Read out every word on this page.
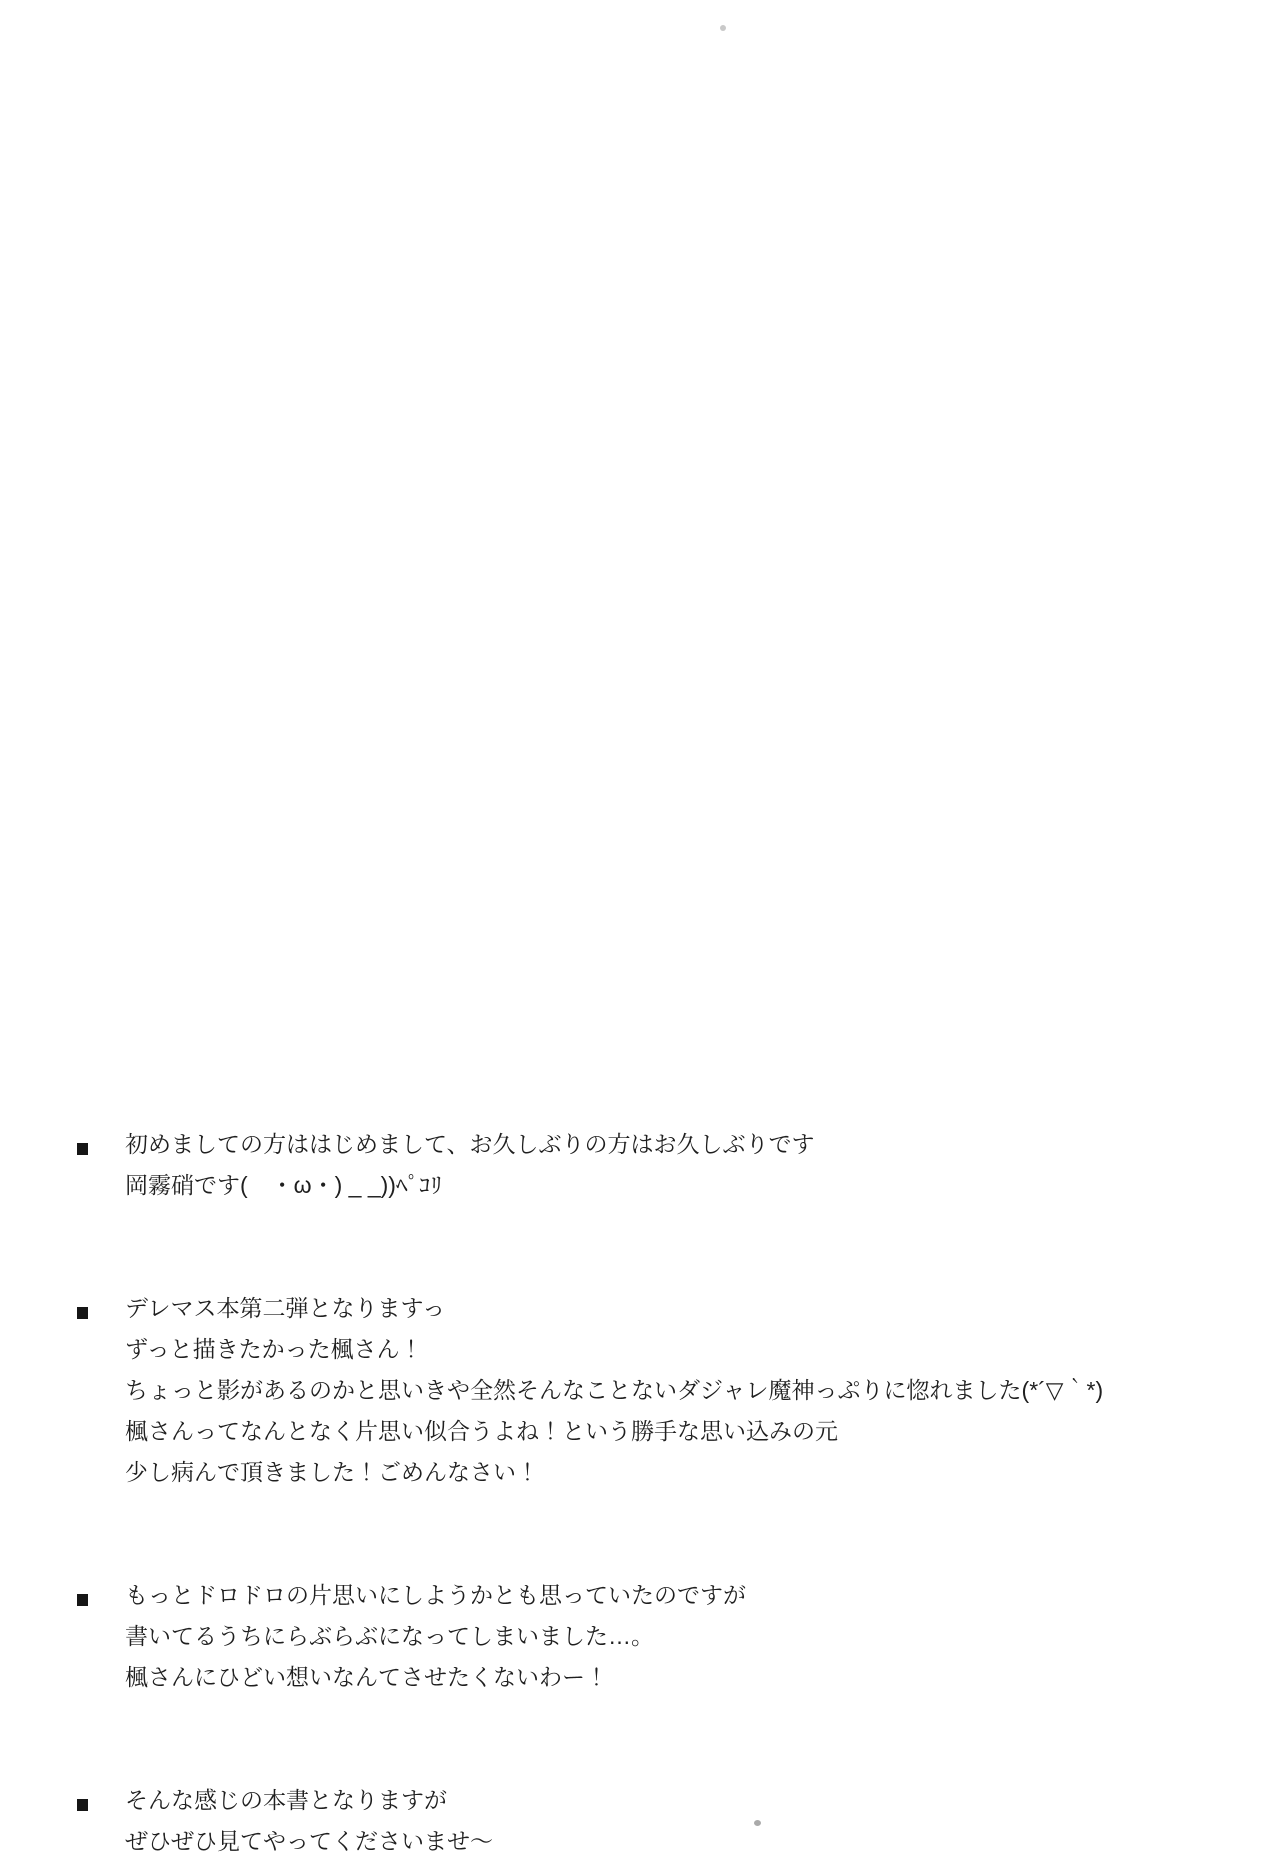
初めましての方ははじめまして、お久しぶりの方はお久しぶりです
岡霧硝です(　・ω・) _ _))ﾍﾟｺﾘ
デレマス本第二弾となりますっ
ずっと描きたかった楓さん！
ちょっと影があるのかと思いきや全然そんなことないダジャレ魔神っぷりに惚れました(*´▽｀*)
楓さんってなんとなく片思い似合うよね！という勝手な思い込みの元
少し病んで頂きました！ごめんなさい！
もっとドロドロの片思いにしようかとも思っていたのですが
書いてるうちにらぶらぶになってしまいました…。
楓さんにひどい想いなんてさせたくないわー！
そんな感じの本書となりますが
ぜひぜひ見てやってくださいませ～
